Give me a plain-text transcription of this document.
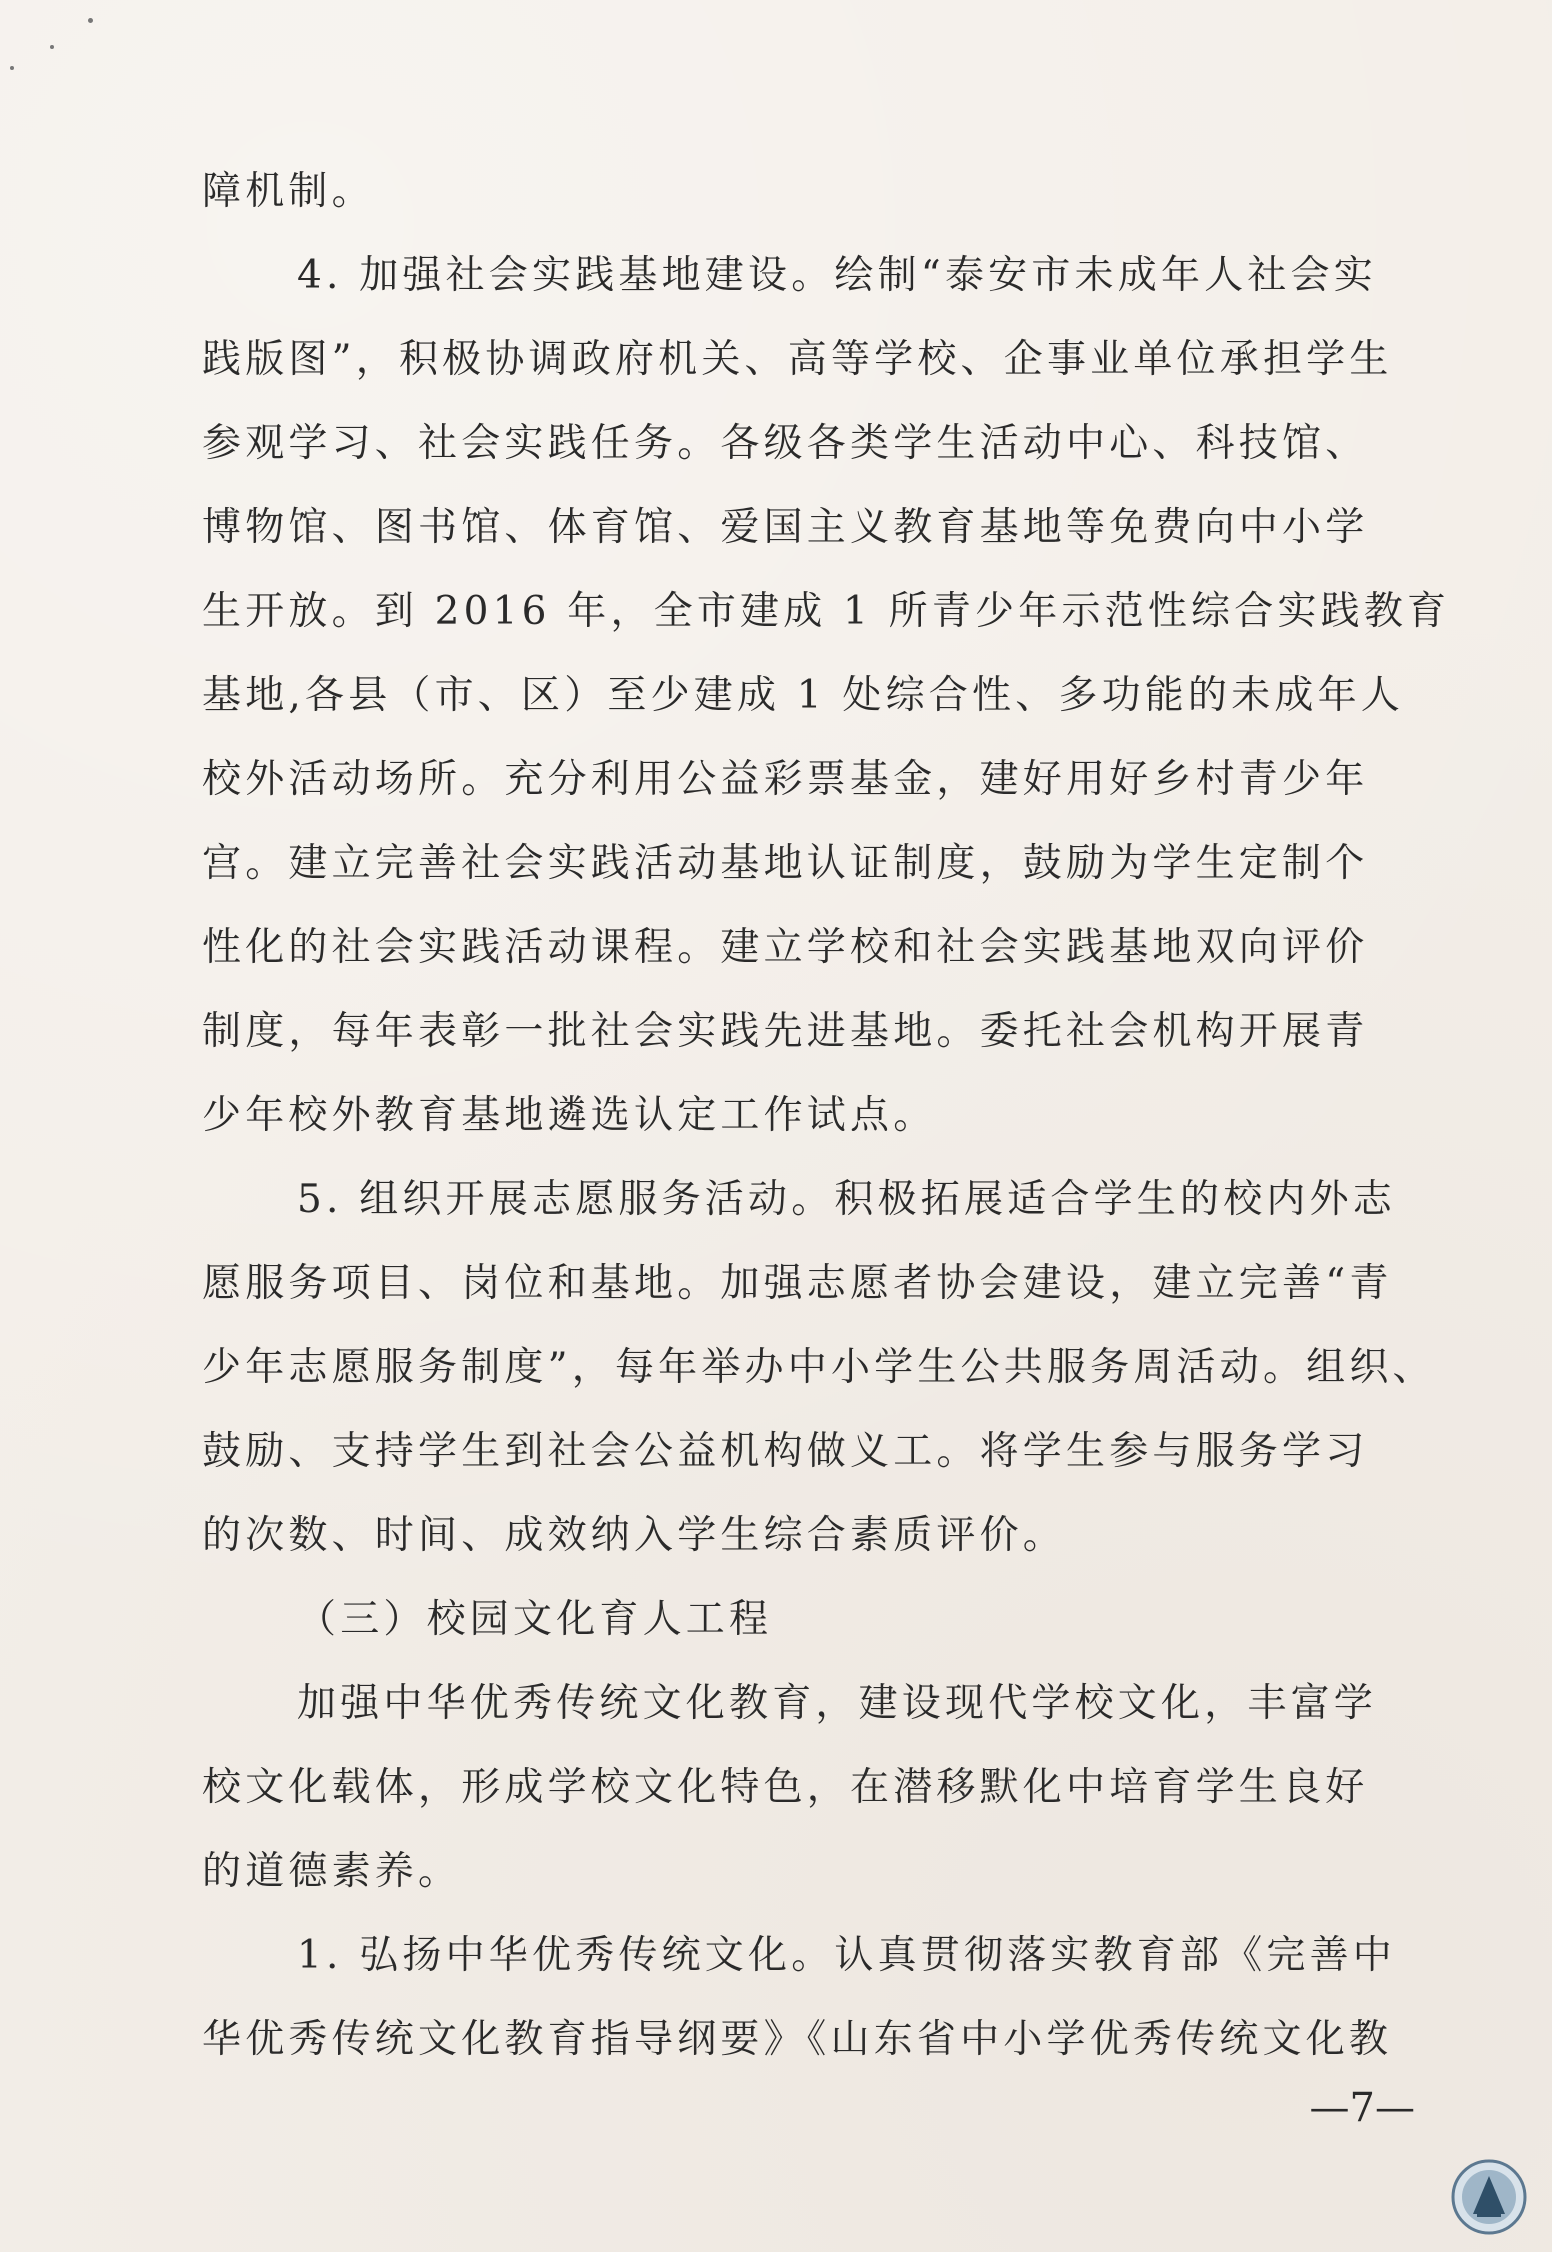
障机制。
4. 加强社会实践基地建设。绘制“泰安市未成年人社会实
践版图”，积极协调政府机关、高等学校、企事业单位承担学生
参观学习、社会实践任务。各级各类学生活动中心、科技馆、
博物馆、图书馆、体育馆、爱国主义教育基地等免费向中小学
生开放。到 2016 年，全市建成 1 所青少年示范性综合实践教育
基地,各县（市、区）至少建成 1 处综合性、多功能的未成年人
校外活动场所。充分利用公益彩票基金，建好用好乡村青少年
宫。建立完善社会实践活动基地认证制度，鼓励为学生定制个
性化的社会实践活动课程。建立学校和社会实践基地双向评价
制度，每年表彰一批社会实践先进基地。委托社会机构开展青
少年校外教育基地遴选认定工作试点。
5. 组织开展志愿服务活动。积极拓展适合学生的校内外志
愿服务项目、岗位和基地。加强志愿者协会建设，建立完善“青
少年志愿服务制度”，每年举办中小学生公共服务周活动。组织、
鼓励、支持学生到社会公益机构做义工。将学生参与服务学习
的次数、时间、成效纳入学生综合素质评价。
（三）校园文化育人工程
加强中华优秀传统文化教育，建设现代学校文化，丰富学
校文化载体，形成学校文化特色，在潜移默化中培育学生良好
的道德素养。
1. 弘扬中华优秀传统文化。认真贯彻落实教育部《完善中
华优秀传统文化教育指导纲要》《山东省中小学优秀传统文化教
—7—
